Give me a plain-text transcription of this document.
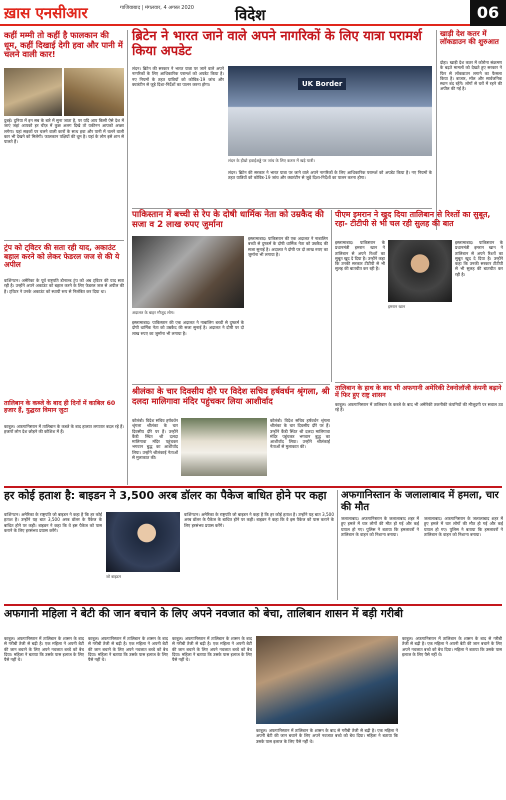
ख़ास एनसीआर	गाजियाबाद | मंगलवार, 4 अगस्त 2020	विदेश	06
कहीं मम्मी तो कहीं है फालकान की धूम, कहीं दिखाई देगी हवा और पानी में चलने वाली कार!
दुबई। दुनिया में इन सब के बारे में सुना जाता है, पर यदि आप किसी ऐसे देश में जाएं जहां आपको हर चीज़ में कुछ अलग दिखे तो यकीनन आपको अच्छा लगेगा। यहां सड़कों पर चलने वाली कारों के साथ हवा और पानी में चलने वाली कार भी देखने को मिलेगी। फालकान पक्षियों की धूम है। यहां के लोग इसे शान से पालते हैं।
ट्रंप को ट्विटर की सता रही याद, अकाउंट बहाल करने को लेकर फेडरल जज से की ये अपील
वाशिंगटन। अमेरिका के पूर्व राष्ट्रपति डोनाल्ड ट्रंप को अब ट्विटर की याद सता रही है। उन्होंने अपने अकाउंट को बहाल करने के लिए फेडरल जज से अपील की है। ट्विटर ने उनके अकाउंट को स्थायी रूप से निलंबित कर दिया था।
तालिबान के कब्जे के बाद ही दिनों में काबिल 60 हजार हैं, युद्धरत विमान जुटा
काबुल। अफगानिस्तान में तालिबान के कब्जे के बाद हालात लगातार बदल रहे हैं। हजारों लोग देश छोड़ने की कोशिश में हैं।
ब्रिटेन ने भारत जाने वाले अपने नागरिकों के लिए यात्रा परामर्श किया अपडेट
लंदन। ब्रिटेन की सरकार ने भारत यात्रा पर जाने वाले अपने नागरिकों के लिए आधिकारिक परामर्श को अपडेट किया है। नए नियमों के तहत यात्रियों को कोविड-19 जांच और क्वारंटीन से जुड़े दिशा-निर्देशों का पालन करना होगा।	UK Border
लंदन के हीथ्रो हवाईअड्डे पर जांच के लिए कतार में खड़े यात्री।
लंदन। ब्रिटेन की सरकार ने भारत यात्रा पर जाने वाले अपने नागरिकों के लिए आधिकारिक परामर्श को अपडेट किया है। नए नियमों के तहत यात्रियों को कोविड-19 जांच और क्वारंटीन से जुड़े दिशा-निर्देशों का पालन करना होगा।
खाड़ी देश कतर में लॉकडाउन की शुरुआत
दोहा। खाड़ी देश कतर में कोरोना संक्रमण के बढ़ते मामलों को देखते हुए सरकार ने फिर से लॉकडाउन लगाने का फैसला किया है। बाजार, मॉल और सार्वजनिक स्थान बंद रहेंगे। लोगों से घरों में रहने की अपील की गई है।
पाकिस्तान में बच्ची से रेप के दोषी धार्मिक नेता को उम्रकैद की सजा व 2 लाख रुपए जुर्माना
अदालत के बाहर मौजूद लोग।
इस्लामाबाद। पाकिस्तान की एक अदालत ने नाबालिग बच्ची से दुष्कर्म के दोषी धार्मिक नेता को उम्रकैद की सजा सुनाई है। अदालत ने दोषी पर दो लाख रुपए का जुर्माना भी लगाया है।
इस्लामाबाद। पाकिस्तान की एक अदालत ने नाबालिग बच्ची से दुष्कर्म के दोषी धार्मिक नेता को उम्रकैद की सजा सुनाई है। अदालत ने दोषी पर दो लाख रुपए का जुर्माना भी लगाया है।
पीएम इमरान ने खुद दिया तालिबान से रिश्तों का सुबूत, रहा- टीटीपी से भी चल रही सुलह की बात
इस्लामाबाद। पाकिस्तान के प्रधानमंत्री इमरान खान ने तालिबान से अपने रिश्तों का सुबूत खुद दे दिया है। उन्होंने कहा कि उनकी सरकार टीटीपी से भी सुलह की बातचीत कर रही है।
इमरान खान
इस्लामाबाद। पाकिस्तान के प्रधानमंत्री इमरान खान ने तालिबान से अपने रिश्तों का सुबूत खुद दे दिया है। उन्होंने कहा कि उनकी सरकार टीटीपी से भी सुलह की बातचीत कर रही है।
तालिबान के हाथ के बाद भी अफगानी अमेरिकी टेक्नोलॉजी कंपनी बढ़ाने में फिर हुए राष्ट्र शासन
काबुल। अफगानिस्तान में तालिबान के कब्जे के बाद भी अमेरिकी तकनीकी कंपनियों की मौजूदगी पर सवाल उठ रहे हैं।
श्रीलंका के चार दिवसीय दौरे पर विदेश सचिव हर्षवर्धन श्रृंगला, श्री दलदा मालिगावा मंदिर पहुंचकर लिया आशीर्वाद
कोलंबो। विदेश सचिव हर्षवर्धन श्रृंगला श्रीलंका के चार दिवसीय दौरे पर हैं। उन्होंने कैंडी स्थित श्री दलदा मालिगावा मंदिर पहुंचकर भगवान बुद्ध का आशीर्वाद लिया। उन्होंने श्रीलंकाई नेताओं से मुलाकात की।
कोलंबो। विदेश सचिव हर्षवर्धन श्रृंगला श्रीलंका के चार दिवसीय दौरे पर हैं। उन्होंने कैंडी स्थित श्री दलदा मालिगावा मंदिर पहुंचकर भगवान बुद्ध का आशीर्वाद लिया। उन्होंने श्रीलंकाई नेताओं से मुलाकात की।
हर कोई हताश है: बाइडन ने 3,500 अरब डॉलर का पैकेज बाधित होने पर कहा
वाशिंगटन। अमेरिका के राष्ट्रपति जो बाइडन ने कहा है कि हर कोई हताश है। उन्होंने यह बात 3,500 अरब डॉलर के पैकेज के बाधित होने पर कही। बाइडन ने कहा कि वे इस पैकेज को पास कराने के लिए हरसंभव प्रयास करेंगे।
जो बाइडन
वाशिंगटन। अमेरिका के राष्ट्रपति जो बाइडन ने कहा है कि हर कोई हताश है। उन्होंने यह बात 3,500 अरब डॉलर के पैकेज के बाधित होने पर कही। बाइडन ने कहा कि वे इस पैकेज को पास कराने के लिए हरसंभव प्रयास करेंगे।
अफगानिस्तान के जलालाबाद में हमला, चार की मौत
जलालाबाद। अफगानिस्तान के जलालाबाद शहर में हुए हमले में चार लोगों की मौत हो गई और कई घायल हो गए। पुलिस ने बताया कि हमलावरों ने तालिबान के वाहन को निशाना बनाया।
जलालाबाद। अफगानिस्तान के जलालाबाद शहर में हुए हमले में चार लोगों की मौत हो गई और कई घायल हो गए। पुलिस ने बताया कि हमलावरों ने तालिबान के वाहन को निशाना बनाया।
अफगानी महिला ने बेटी की जान बचाने के लिए अपने नवजात को बेचा, तालिबान शासन में बड़ी गरीबी
काबुल। अफगानिस्तान में तालिबान के शासन के बाद से गरीबी तेजी से बढ़ी है। एक महिला ने अपनी बेटी की जान बचाने के लिए अपने नवजात बच्चे को बेच दिया। महिला ने बताया कि उसके पास इलाज के लिए पैसे नहीं थे।
काबुल। अफगानिस्तान में तालिबान के शासन के बाद से गरीबी तेजी से बढ़ी है। एक महिला ने अपनी बेटी की जान बचाने के लिए अपने नवजात बच्चे को बेच दिया। महिला ने बताया कि उसके पास इलाज के लिए पैसे नहीं थे।
काबुल। अफगानिस्तान में तालिबान के शासन के बाद से गरीबी तेजी से बढ़ी है। एक महिला ने अपनी बेटी की जान बचाने के लिए अपने नवजात बच्चे को बेच दिया। महिला ने बताया कि उसके पास इलाज के लिए पैसे नहीं थे।
काबुल। अफगानिस्तान में तालिबान के शासन के बाद से गरीबी तेजी से बढ़ी है। एक महिला ने अपनी बेटी की जान बचाने के लिए अपने नवजात बच्चे को बेच दिया। महिला ने बताया कि उसके पास इलाज के लिए पैसे नहीं थे।
काबुल। अफगानिस्तान में तालिबान के शासन के बाद से गरीबी तेजी से बढ़ी है। एक महिला ने अपनी बेटी की जान बचाने के लिए अपने नवजात बच्चे को बेच दिया। महिला ने बताया कि उसके पास इलाज के लिए पैसे नहीं थे।
